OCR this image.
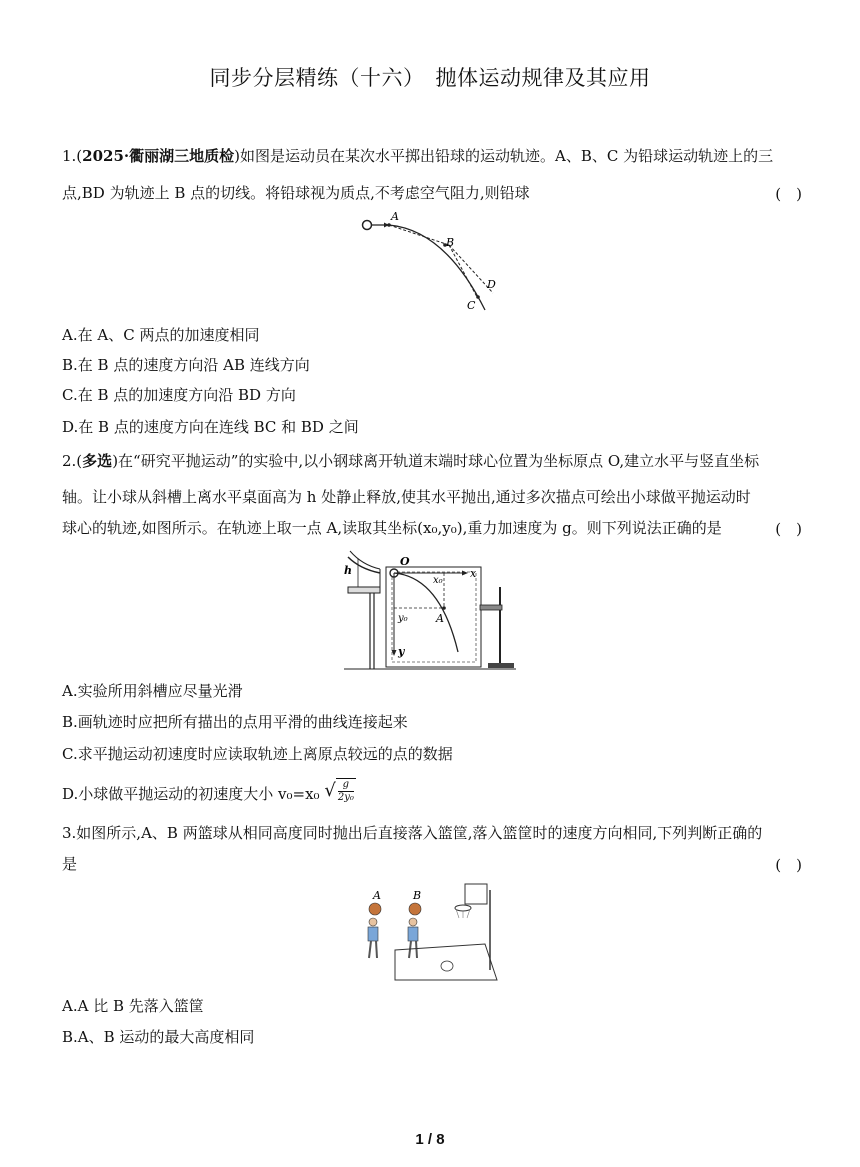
同步分层精练（十六）　抛体运动规律及其应用
1.(2025·衢丽湖三地质检)如图是运动员在某次水平掷出铅球的运动轨迹。A、B、C 为铅球运动轨迹上的三
点,BD 为轨迹上 B 点的切线。将铅球视为质点,不考虑空气阻力,则铅球	(　)
A
B
C
D
A.在 A、C 两点的加速度相同
B.在 B 点的速度方向沿 AB 连线方向
C.在 B 点的加速度方向沿 BD 方向
D.在 B 点的速度方向在连线 BC 和 BD 之间
2.(多选)在“研究平抛运动”的实验中,以小钢球离开轨道末端时球心位置为坐标原点 O,建立水平与竖直坐标
轴。让小球从斜槽上离水平桌面高为 h 处静止释放,使其水平抛出,通过多次描点可绘出小球做平抛运动时
球心的轨迹,如图所示。在轨迹上取一点 A,读取其坐标(x₀,y₀),重力加速度为 g。则下列说法正确的是	(　)
h
O
x₀
x
y₀	A
y
A.实验所用斜槽应尽量光滑
B.画轨迹时应把所有描出的点用平滑的曲线连接起来
C.求平抛运动初速度时应读取轨迹上离原点较远的点的数据
D.小球做平抛运动的初速度大小 v₀=x₀ √ $\frac{g}{\text{2y₀}}$
3.如图所示,A、B 两篮球从相同高度同时抛出后直接落入篮筐,落入篮筐时的速度方向相同,下列判断正确的
是	(　)
A	B
A.A 比 B 先落入篮筐
B.A、B 运动的最大高度相同
1 / 8
